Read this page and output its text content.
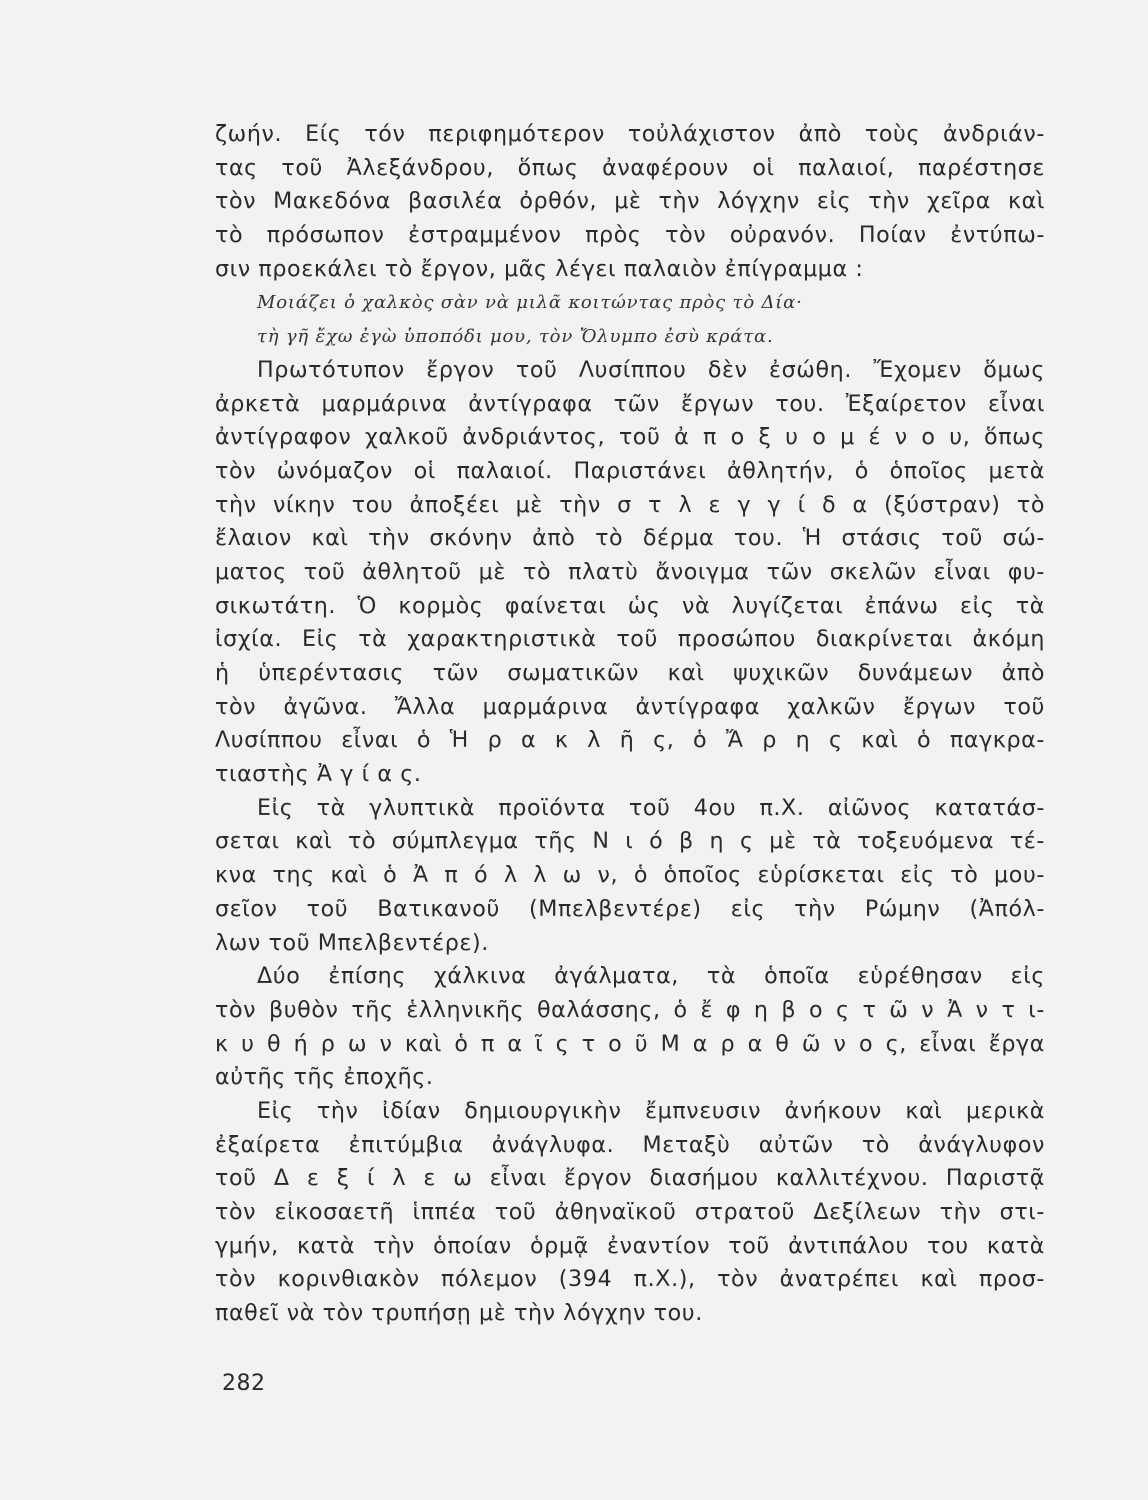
ζωήν. Είς τόν περιφημότερον τοὐλάχιστον ἀπὸ τοὺς ἀνδριάν-
τας τοῦ Ἀλεξάνδρου, ὅπως ἀναφέρουν οἱ παλαιοί, παρέστησε
τὸν Μακεδόνα βασιλέα ὀρθόν, μὲ τὴν λόγχην εἰς τὴν χεῖρα καὶ
τὸ πρόσωπον ἐστραμμένον πρὸς τὸν οὐρανόν. Ποίαν ἐντύπω-
σιν προεκάλει τὸ ἔργον, μᾶς λέγει παλαιὸν ἐπίγραμμα :
Μοιάζει ὁ χαλκὸς σὰν νὰ μιλᾶ κοιτώντας πρὸς τὸ Δία·
τὴ γῆ ἔχω ἐγὼ ὑποπόδι μου, τὸν Ὄλυμπο ἐσὺ κράτα.
Πρωτότυπον ἔργον τοῦ Λυσίππου δὲν ἐσώθη. Ἔχομεν ὅμως
ἀρκετὰ μαρμάρινα ἀντίγραφα τῶν ἔργων του. Ἐξαίρετον εἶναι
ἀντίγραφον χαλκοῦ ἀνδριάντος, τοῦ ἀ π ο ξ υ ο μ έ ν ο υ, ὅπως
τὸν ὠνόμαζον οἱ παλαιοί. Παριστάνει ἀθλητήν, ὁ ὁποῖος μετὰ
τὴν νίκην του ἀποξέει μὲ τὴν σ τ λ ε γ γ ί δ α (ξύστραν) τὸ
ἔλαιον καὶ τὴν σκόνην ἀπὸ τὸ δέρμα του. Ἡ στάσις τοῦ σώ-
ματος τοῦ ἀθλητοῦ μὲ τὸ πλατὺ ἄνοιγμα τῶν σκελῶν εἶναι φυ-
σικωτάτη. Ὁ κορμὸς φαίνεται ὡς νὰ λυγίζεται ἐπάνω εἰς τὰ
ἰσχία. Εἰς τὰ χαρακτηριστικὰ τοῦ προσώπου διακρίνεται ἀκόμη
ἡ ὑπερέντασις τῶν σωματικῶν καὶ ψυχικῶν δυνάμεων ἀπὸ
τὸν ἀγῶνα. Ἄλλα μαρμάρινα ἀντίγραφα χαλκῶν ἔργων τοῦ
Λυσίππου εἶναι ὁ Ἡ ρ α κ λ ῆ ς, ὁ Ἄ ρ η ς καὶ ὁ παγκρα-
τιαστὴς Ἀ γ ί α ς.
Εἰς τὰ γλυπτικὰ προϊόντα τοῦ 4ου π.Χ. αἰῶνος κατατάσ-
σεται καὶ τὸ σύμπλεγμα τῆς Ν ι ό β η ς μὲ τὰ τοξευόμενα τέ-
κνα της καὶ ὁ Ἀ π ό λ λ ω ν, ὁ ὁποῖος εὑρίσκεται εἰς τὸ μου-
σεῖον τοῦ Βατικανοῦ (Μπελβεντέρε) εἰς τὴν Ρώμην (Ἀπόλ-
λων τοῦ Μπελβεντέρε).
Δύο ἐπίσης χάλκινα ἀγάλματα, τὰ ὁποῖα εὑρέθησαν εἰς
τὸν βυθὸν τῆς ἑλληνικῆς θαλάσσης, ὁ ἔ φ η β ο ς τ ῶ ν Ἀ ν τ ι-
κ υ θ ή ρ ω ν καὶ ὁ π α ῖ ς τ ο ῦ Μ α ρ α θ ῶ ν ο ς, εἶναι ἔργα
αὐτῆς τῆς ἐποχῆς.
Εἰς τὴν ἰδίαν δημιουργικὴν ἔμπνευσιν ἀνήκουν καὶ μερικὰ
ἐξαίρετα ἐπιτύμβια ἀνάγλυφα. Μεταξὺ αὐτῶν τὸ ἀνάγλυφον
τοῦ Δ ε ξ ί λ ε ω εἶναι ἔργον διασήμου καλλιτέχνου. Παριστᾷ
τὸν εἰκοσαετῆ ἱππέα τοῦ ἀθηναϊκοῦ στρατοῦ Δεξίλεων τὴν στι-
γμήν, κατὰ τὴν ὁποίαν ὁρμᾷ ἐναντίον τοῦ ἀντιπάλου του κατὰ
τὸν κορινθιακὸν πόλεμον (394 π.Χ.), τὸν ἀνατρέπει καὶ προσ-
παθεῖ νὰ τὸν τρυπήσῃ μὲ τὴν λόγχην του.
282
